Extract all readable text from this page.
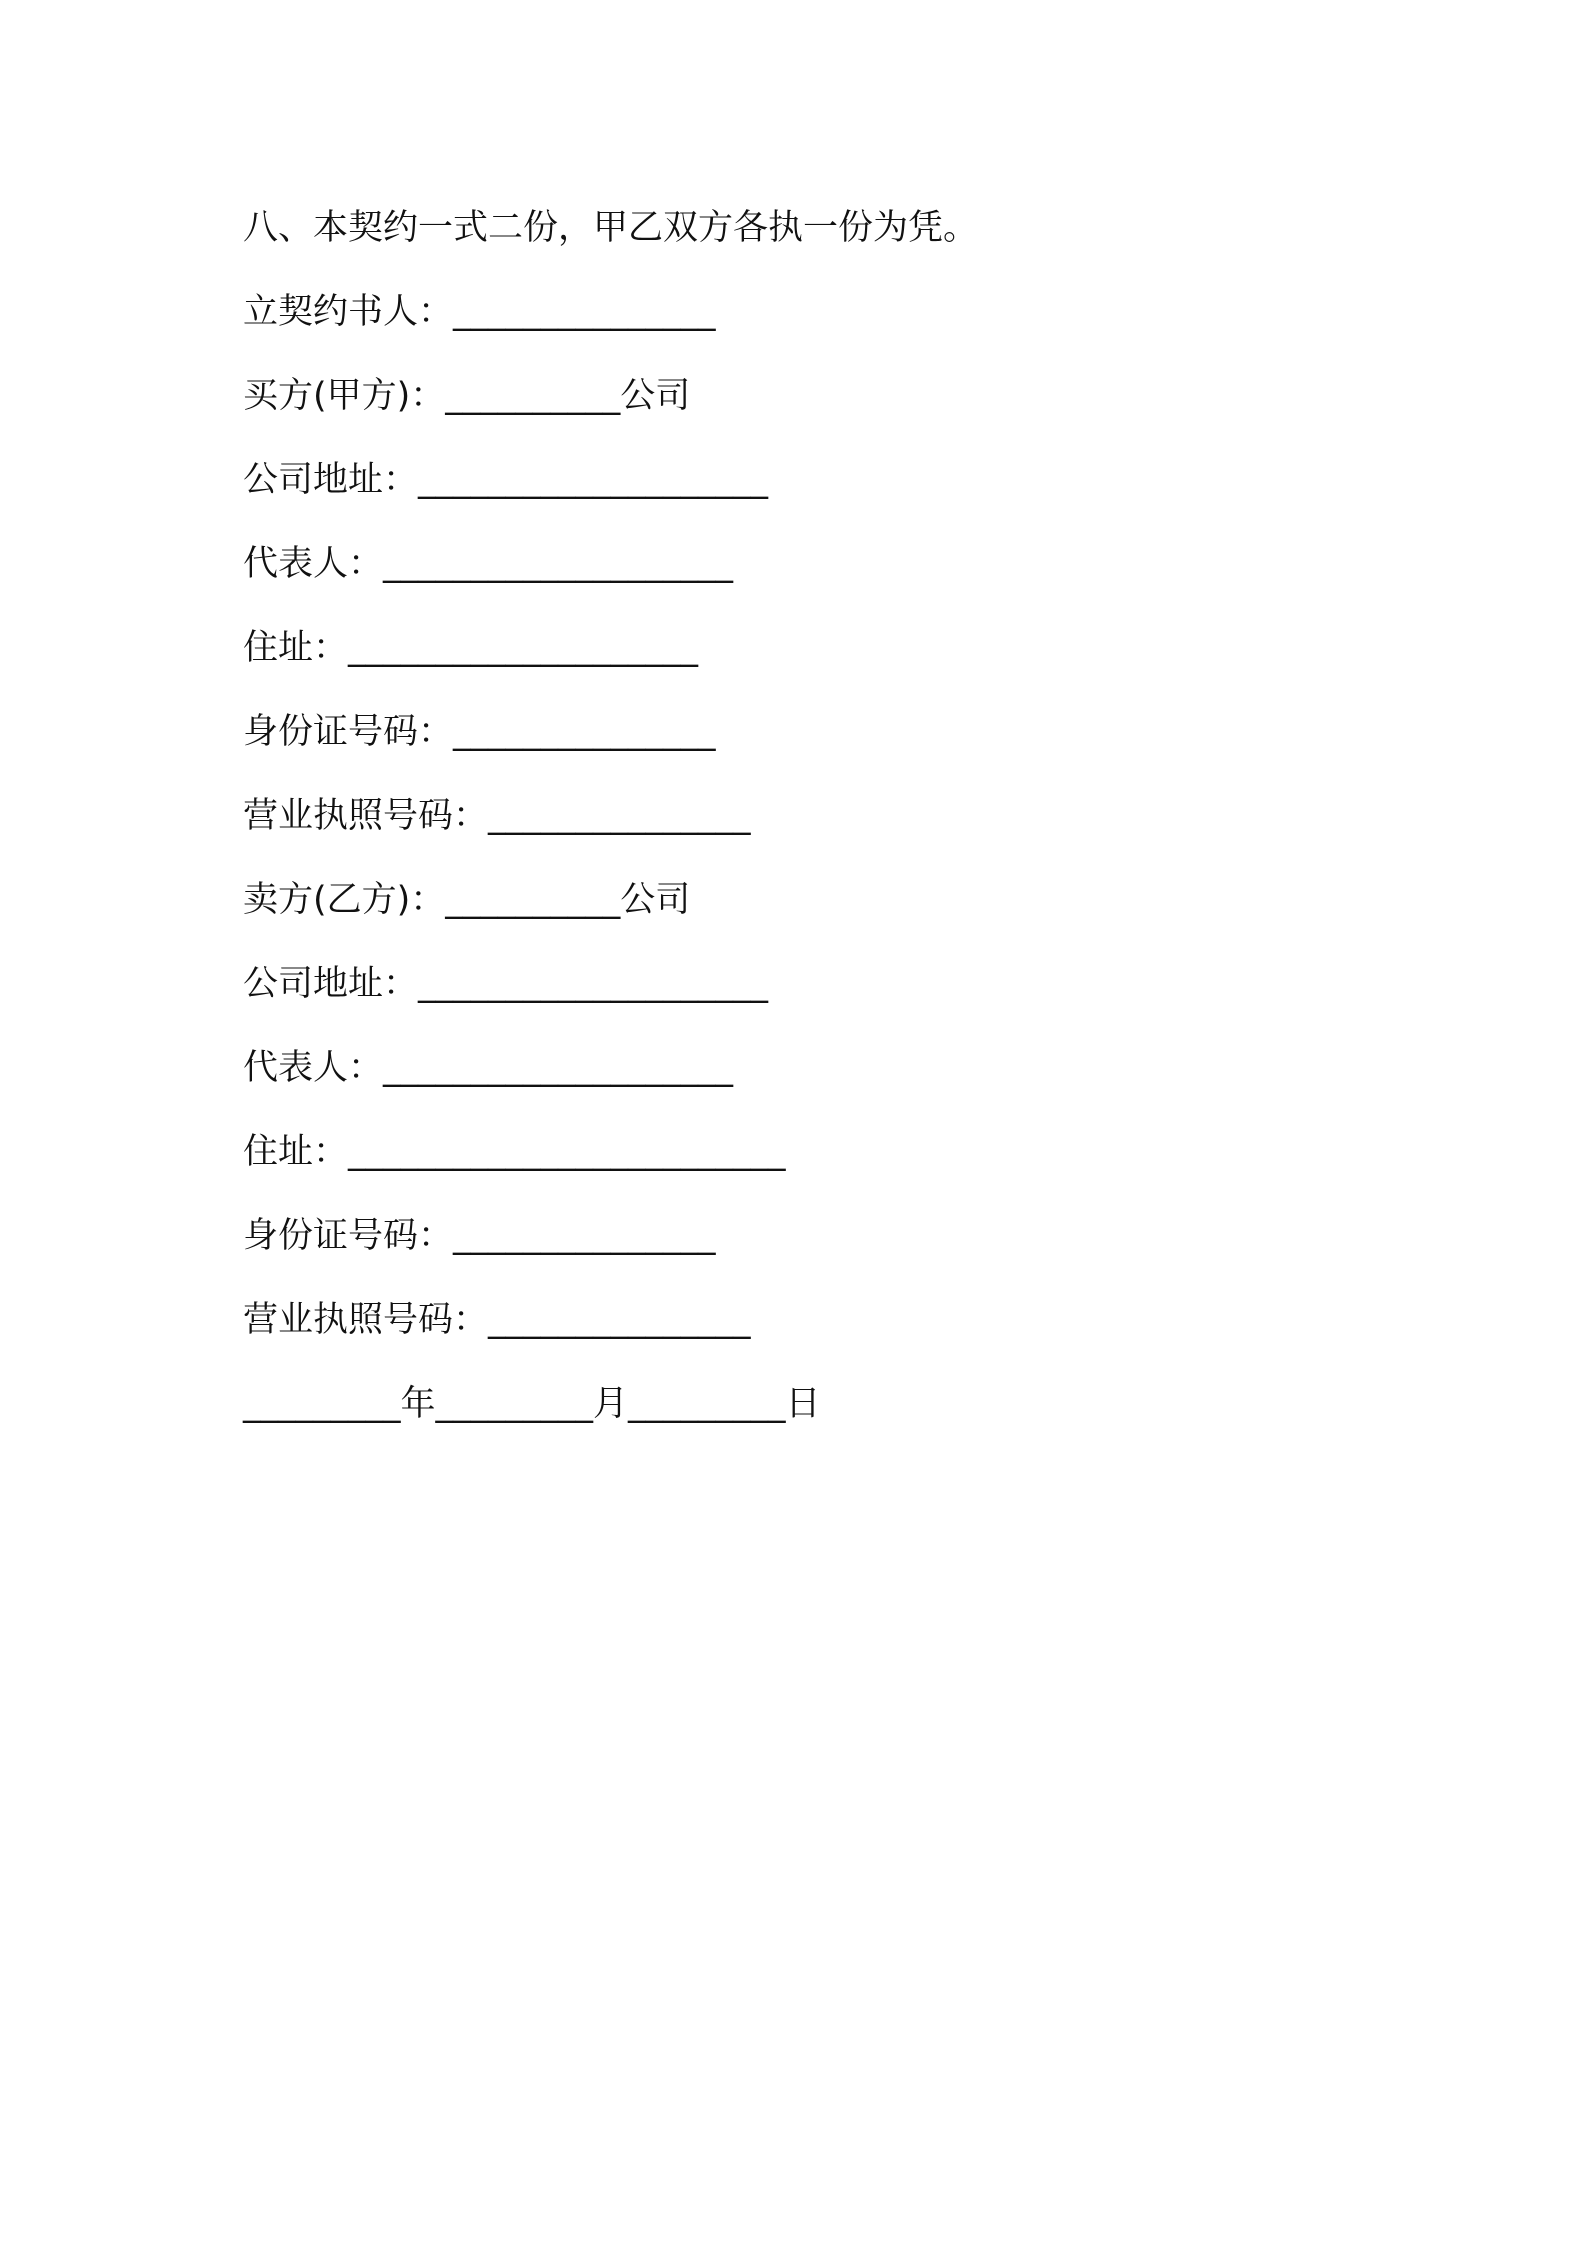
八、本契约一式二份，甲乙双方各执一份为凭。
立契约书人：_______________
买方(甲方)：__________公司
公司地址：____________________
代表人：____________________
住址：____________________
身份证号码：_______________
营业执照号码：_______________
卖方(乙方)：__________公司
公司地址：____________________
代表人：____________________
住址：_________________________
身份证号码：_______________
营业执照号码：_______________
_________年_________月_________日
